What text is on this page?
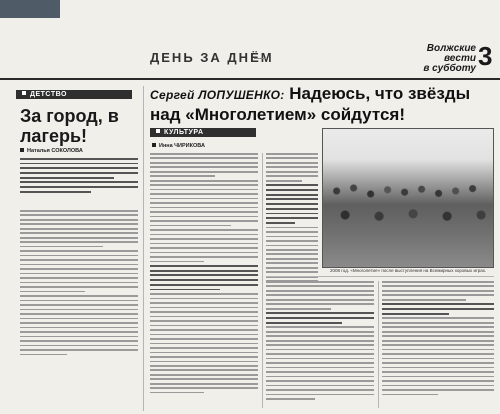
ДЕНЬ ЗА ДНЁМ
Волжские вести
в субботу 3
ДЕТСТВО
За город, в лагерь!
Наталья СОКОЛОВА
Сергей ЛОПУШЕНКО: Надеюсь, что звёзды над «Многолетием» сойдутся!
КУЛЬТУРА
Инна ЧИРИКОВА
2008 год. «Многолетие» после выступления на Всемирных хоровых играх.
